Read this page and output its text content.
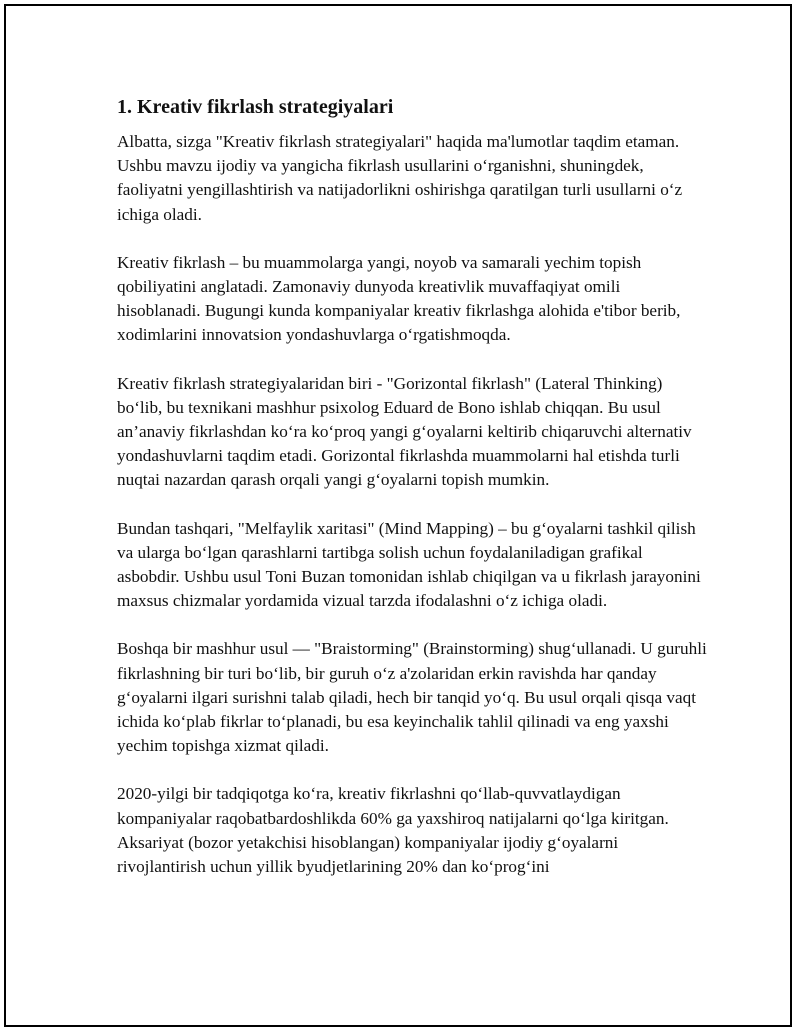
1. Kreativ fikrlash strategiyalari

Albatta, sizga "Kreativ fikrlash strategiyalari" haqida ma'lumotlar taqdim etaman. Ushbu mavzu ijodiy va yangicha fikrlash usullarini oʻrganishni, shuningdek, faoliyatni yengillashtirish va natijadorlikni oshirishga qaratilgan turli usullarni oʻz ichiga oladi.

Kreativ fikrlash – bu muammolarga yangi, noyob va samarali yechim topish qobiliyatini anglatadi. Zamonaviy dunyoda kreativlik muvaffaqiyat omili hisoblanadi. Bugungi kunda kompaniyalar kreativ fikrlashga alohida e'tibor berib, xodimlarini innovatsion yondashuvlarga oʻrgatishmoqda.

Kreativ fikrlash strategiyalaridan biri - "Gorizontal fikrlash" (Lateral Thinking) boʻlib, bu texnikani mashhur psixolog Eduard de Bono ishlab chiqqan. Bu usul an’anaviy fikrlashdan koʻra koʻproq yangi gʻoyalarni keltirib chiqaruvchi alternativ yondashuvlarni taqdim etadi. Gorizontal fikrlashda muammolarni hal etishda turli nuqtai nazardan qarash orqali yangi gʻoyalarni topish mumkin.

Bundan tashqari, "Melfaylik xaritasi" (Mind Mapping) – bu gʻoyalarni tashkil qilish va ularga boʻlgan qarashlarni tartibga solish uchun foydalaniladigan grafikal asbobdir. Ushbu usul Toni Buzan tomonidan ishlab chiqilgan va u fikrlash jarayonini maxsus chizmalar yordamida vizual tarzda ifodalashni oʻz ichiga oladi.

Boshqa bir mashhur usul — "Braistorming" (Brainstorming) shugʻullanadi. U guruhli fikrlashning bir turi boʻlib, bir guruh oʻz a'zolaridan erkin ravishda har qanday gʻoyalarni ilgari surishni talab qiladi, hech bir tanqid yoʻq. Bu usul orqali qisqa vaqt ichida koʻplab fikrlar toʻplanadi, bu esa keyinchalik tahlil qilinadi va eng yaxshi yechim topishga xizmat qiladi.

2020-yilgi bir tadqiqotga koʻra, kreativ fikrlashni qoʻllab-quvvatlaydigan kompaniyalar raqobatbardoshlikda 60% ga yaxshiroq natijalarni qoʻlga kiritgan. Aksariyat (bozor yetakchisi hisoblangan) kompaniyalar ijodiy gʻoyalarni rivojlantirish uchun yillik byudjetlarining 20% dan koʻprogʻini
